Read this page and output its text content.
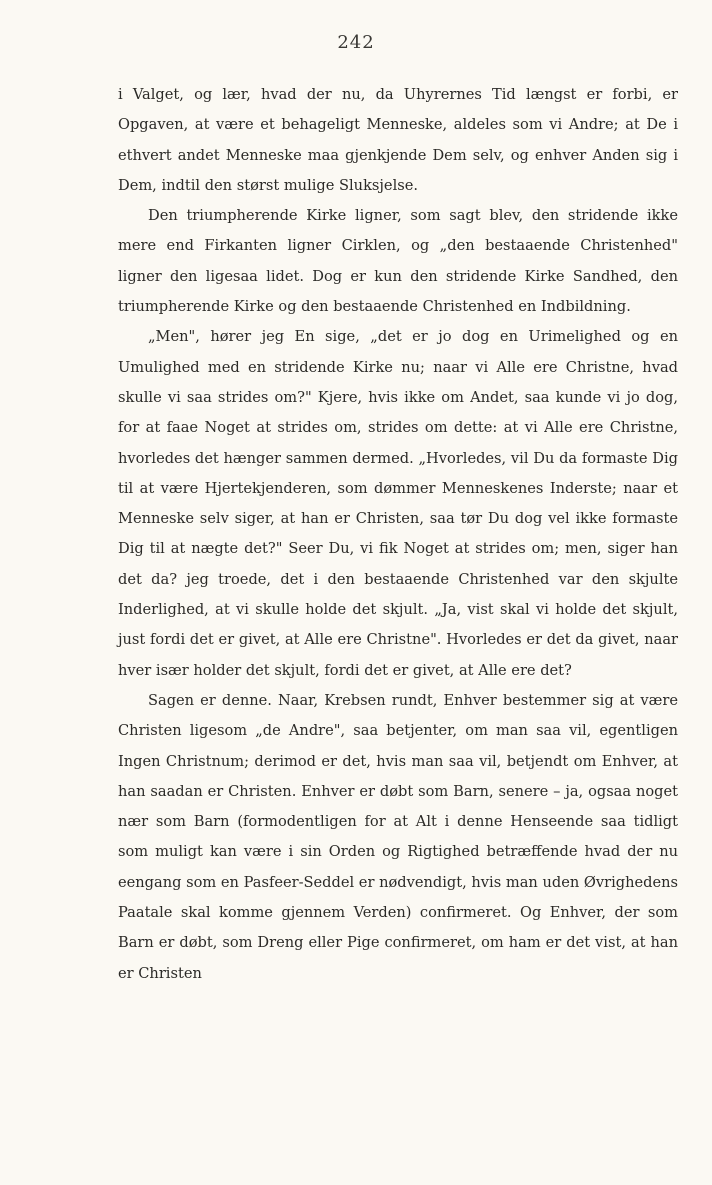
242

i Valget, og lær, hvad der nu, da Uhyrernes Tid længst er forbi, er Opgaven, at være et behageligt Menneske, aldeles som vi Andre; at De i ethvert andet Menneske maa gjenkjende Dem selv, og enhver Anden sig i Dem, indtil den størst mulige Sluksjelse.

Den triumpherende Kirke ligner, som sagt blev, den stridende ikke mere end Firkanten ligner Cirklen, og „den bestaaende Christenhed" ligner den ligesaa lidet. Dog er kun den stridende Kirke Sandhed, den triumpherende Kirke og den bestaaende Christenhed en Indbildning.

„Men", hører jeg En sige, „det er jo dog en Urimelighed og en Umulighed med en stridende Kirke nu; naar vi Alle ere Christne, hvad skulle vi saa strides om?" Kjere, hvis ikke om Andet, saa kunde vi jo dog, for at faae Noget at strides om, strides om dette: at vi Alle ere Christne, hvorledes det hænger sammen dermed. „Hvorledes, vil Du da formaste Dig til at være Hjertekjenderen, som dømmer Menneskenes Inderste; naar et Menneske selv siger, at han er Christen, saa tør Du dog vel ikke formaste Dig til at nægte det?" Seer Du, vi fik Noget at strides om; men, siger han det da? jeg troede, det i den bestaaende Christenhed var den skjulte Inderlighed, at vi skulle holde det skjult. „Ja, vist skal vi holde det skjult, just fordi det er givet, at Alle ere Christne". Hvorledes er det da givet, naar hver især holder det skjult, fordi det er givet, at Alle ere det?

Sagen er denne. Naar, Krebsen rundt, Enhver bestemmer sig at være Christen ligesom „de Andre", saa betjenter, om man saa vil, egentligen Ingen Christnum; derimod er det, hvis man saa vil, betjendt om Enhver, at han saadan er Christen. Enhver er døbt som Barn, senere – ja, ogsaa noget nær som Barn (formodentligen for at Alt i denne Henseende saa tidligt som muligt kan være i sin Orden og Rigtighed betræffende hvad der nu eengang som en Pasfeer-Seddel er nødvendigt, hvis man uden Øvrighedens Paatale skal komme gjennem Verden) confirmeret. Og Enhver, der som Barn er døbt, som Dreng eller Pige confirmeret, om ham er det vist, at han er Christen
